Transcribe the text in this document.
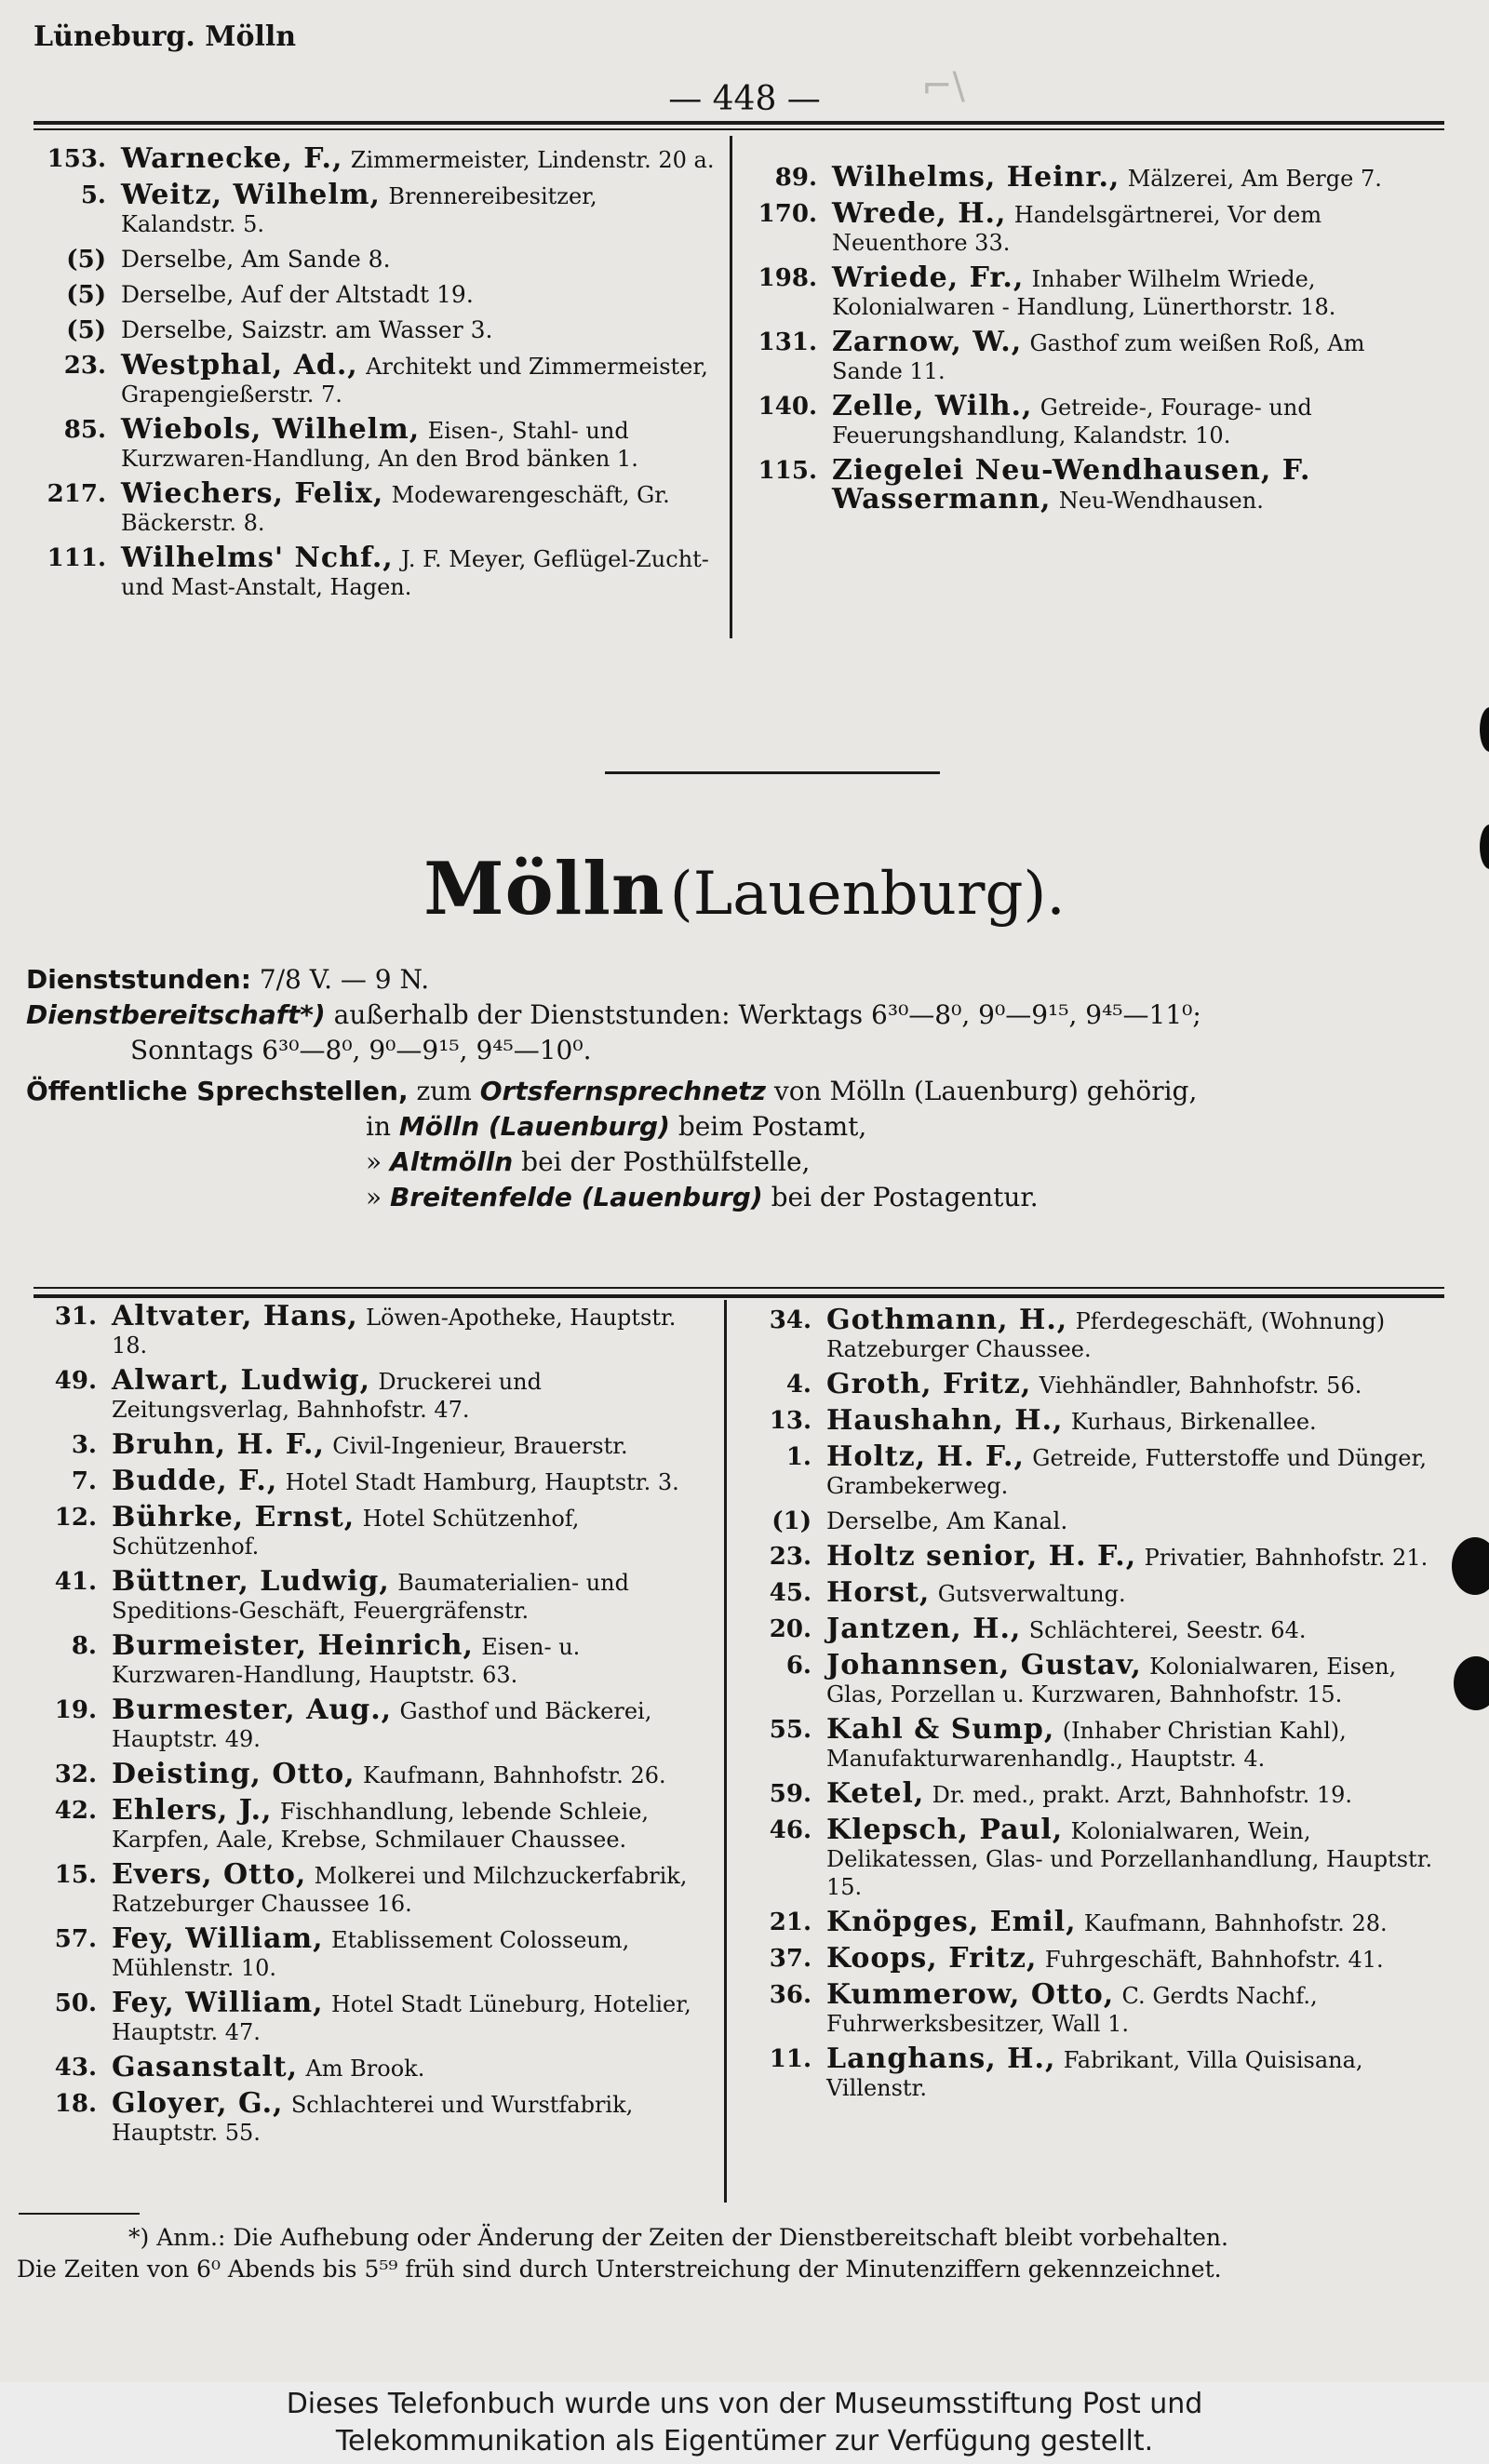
Lüneburg. Mölln
— 448 —	⌐\
153. Warnecke, F., Zimmermeister, Lindenstr. 20 a.
5. Weitz, Wilhelm, Brennereibesitzer, Kalandstr. 5.
(5) Derselbe, Am Sande 8.
(5) Derselbe, Auf der Altstadt 19.
(5) Derselbe, Saizstr. am Wasser 3.
23. Westphal, Ad., Architekt und Zimmermeister, Grapengießerstr. 7.
85. Wiebols, Wilhelm, Eisen-, Stahl- und Kurzwaren-Handlung, An den Brod bänken 1.
217. Wiechers, Felix, Modewarengeschäft, Gr. Bäckerstr. 8.
111. Wilhelms' Nchf., J. F. Meyer, Geflügel-Zucht- und Mast-Anstalt, Hagen.
89. Wilhelms, Heinr., Mälzerei, Am Berge 7.
170. Wrede, H., Handelsgärtnerei, Vor dem Neuenthore 33.
198. Wriede, Fr., Inhaber Wilhelm Wriede, Kolonialwaren - Handlung, Lünerthorstr. 18.
131. Zarnow, W., Gasthof zum weißen Roß, Am Sande 11.
140. Zelle, Wilh., Getreide-, Fourage- und Feuerungshandlung, Kalandstr. 10.
115. Ziegelei Neu-Wendhausen, F. Wassermann, Neu-Wendhausen.
Mölln (Lauenburg).
Dienststunden: 7/8 V. — 9 N.
Dienstbereitschaft*) außerhalb der Dienststunden: Werktags 6³⁰—8⁰, 9⁰—9¹⁵, 9⁴⁵—11⁰;
Sonntags 6³⁰—8⁰, 9⁰—9¹⁵, 9⁴⁵—10⁰.
Öffentliche Sprechstellen, zum Ortsfernsprechnetz von Mölln (Lauenburg) gehörig,
in Mölln (Lauenburg) beim Postamt,
» Altmölln bei der Posthülfstelle,
» Breitenfelde (Lauenburg) bei der Postagentur.
31. Altvater, Hans, Löwen-Apotheke, Hauptstr. 18.
49. Alwart, Ludwig, Druckerei und Zeitungsverlag, Bahnhofstr. 47.
3. Bruhn, H. F., Civil-Ingenieur, Brauerstr.
7. Budde, F., Hotel Stadt Hamburg, Hauptstr. 3.
12. Bührke, Ernst, Hotel Schützenhof, Schützenhof.
41. Büttner, Ludwig, Baumaterialien- und Speditions-Geschäft, Feuergräfenstr.
8. Burmeister, Heinrich, Eisen- u. Kurzwaren-Handlung, Hauptstr. 63.
19. Burmester, Aug., Gasthof und Bäckerei, Hauptstr. 49.
32. Deisting, Otto, Kaufmann, Bahnhofstr. 26.
42. Ehlers, J., Fischhandlung, lebende Schleie, Karpfen, Aale, Krebse, Schmilauer Chaussee.
15. Evers, Otto, Molkerei und Milchzuckerfabrik, Ratzeburger Chaussee 16.
57. Fey, William, Etablissement Colosseum, Mühlenstr. 10.
50. Fey, William, Hotel Stadt Lüneburg, Hotelier, Hauptstr. 47.
43. Gasanstalt, Am Brook.
18. Gloyer, G., Schlachterei und Wurstfabrik, Hauptstr. 55.
34. Gothmann, H., Pferdegeschäft, (Wohnung) Ratzeburger Chaussee.
4. Groth, Fritz, Viehhändler, Bahnhofstr. 56.
13. Haushahn, H., Kurhaus, Birkenallee.
1. Holtz, H. F., Getreide, Futterstoffe und Dünger, Grambekerweg.
(1) Derselbe, Am Kanal.
23. Holtz senior, H. F., Privatier, Bahnhofstr. 21.
45. Horst, Gutsverwaltung.
20. Jantzen, H., Schlächterei, Seestr. 64.
6. Johannsen, Gustav, Kolonialwaren, Eisen, Glas, Porzellan u. Kurzwaren, Bahnhofstr. 15.
55. Kahl & Sump, (Inhaber Christian Kahl), Manufakturwarenhandlg., Hauptstr. 4.
59. Ketel, Dr. med., prakt. Arzt, Bahnhofstr. 19.
46. Klepsch, Paul, Kolonialwaren, Wein, Delikatessen, Glas- und Porzellanhandlung, Hauptstr. 15.
21. Knöpges, Emil, Kaufmann, Bahnhofstr. 28.
37. Koops, Fritz, Fuhrgeschäft, Bahnhofstr. 41.
36. Kummerow, Otto, C. Gerdts Nachf., Fuhrwerksbesitzer, Wall 1.
11. Langhans, H., Fabrikant, Villa Quisisana, Villenstr.
*) Anm.: Die Aufhebung oder Änderung der Zeiten der Dienstbereitschaft bleibt vorbehalten.
Die Zeiten von 6⁰ Abends bis 5⁵⁹ früh sind durch Unterstreichung der Minutenziffern gekennzeichnet.
Dieses Telefonbuch wurde uns von der Museumsstiftung Post und
Telekommunikation als Eigentümer zur Verfügung gestellt.
